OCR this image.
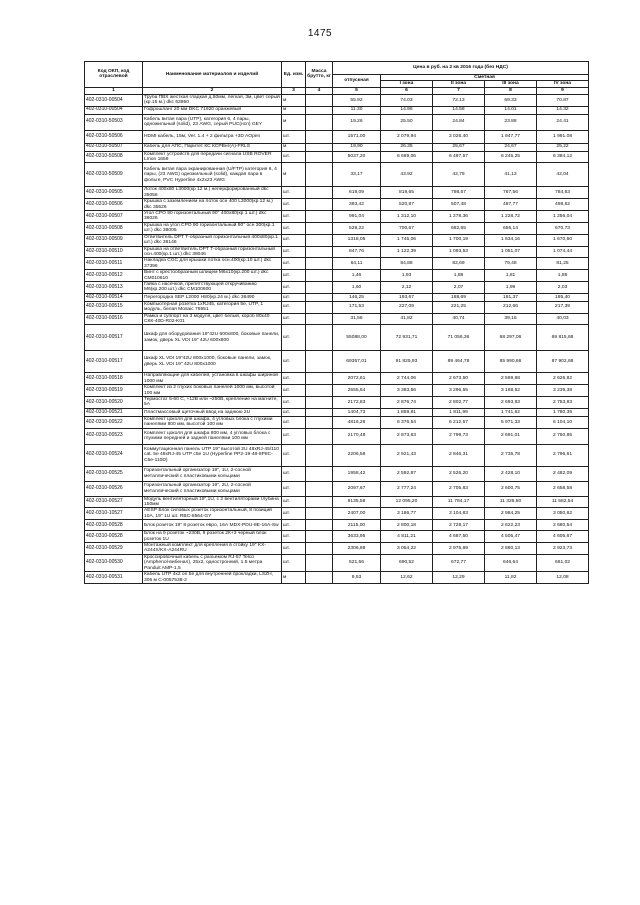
1475
Код ОКП, код отраслевой	Наименование материалов и изделий	Ед. изм.	Масса брутто, кг	Цена в руб. на 2 кв 2016 года (без НДС)				
				отпускная	Сметная			
					I зона	II зона	III зона	IV зона
1	2	3	4	5	6	7	8	9
402-0310-00504	Труба ПВХ жесткая гладкая д.50мм, легкая, 3м, цвет серый (кр.15 м.) dkc 63950	м		55.92	74.03	72.13	69.33	70.87
402-0310-00504	Гофрошланг 20 мм DKC 71920 оранжевый	м		11.30	14.96	14.58	14.01	14.32
402-0310-50503	Кабель витая пара (UTP), категория 6, 4 пары, одножильный (solid), 23 AWG, серый PUC(нсп) GEY	м		19.26	25.50	24.84	23.88	24.41
402-0310-50506	HDMI кабель, 15м, Ver. 1.4 + 2 фильтра +3D AOpen	шт.		1571.00	2 079,94	2 026.40	1 947,77	1 991.08
402-0310-50507	Кабель для АПС, Паритет КС КСРВнг(А)-FRLS	м		19,90	26.35	25,67	24,67	25,22
402-0310-50508	Комплект устройств для передачи сигнала USB ROVER Lmon 1659	шт.		5037,20	6 669,06	6 497,57	6 245,25	6 384,12
402-0310-50509	Кабель витая пара экранированная (U/FTP) категория 6, 4 пары, (23 AWG) одножильный (solid), каждая пара в фольге, PVC Hyperline 4x2x23 AWG	м		33,17	43.92	42,79	41,13	42,04
402-0310-00505	Лоток 400х80 L3000(кр 12 м.) неперфорированный dkc 35056	шт.		619,09	819,65	798,57	767,56	784,63
402-0310-00506	Крышка с заземлением на лоток осн 400 L3000(кр.12 м.) dkc 35526	шт.		393,42	520,87	507,48	487,77	498,62
402-0310-00507	Угол СРО 90 горизонтальный 90° 400х80(кр 1 шт.) dkc 36026	шт.		991,04	1 312,10	1 278,36	1 228,72	1 256,04
402-0310-00508	Крышка на угол СРО 90 горизонтальный 90° осн 300(кр.1 шт.) dkc 38005	шт.		529,22	700,67	682,65	656,14	670,73
402-0310-00509	Ответвитель DPT Т-образный горизонтальный 400х80(кр.1 шт.) dkc 36146	шт.		1318,05	1 745,06	1 700,19	1 634,16	1 670,50
402-0310-00510	Крышка на ответвитель DPT Т-образный горизонтальный осн.400(кр.1 шт.) dkc 38046	шт.		847,76	1 122,39	1 093,53	1 051,07	1 074,44
402-0310-00511	Накладка CGC для крышки лотка осн.400(кр.10 шт.) dkc 37396	шт.		64,11	84,88	82,69	79,48	81,25
402-0310-00512	Винт с крестообразным шлицем М6х10(кр.200 шт.) dkc CM010610	шт.		1,46	1,93	1,88	1,81	1,85
402-0310-00513	Гайка с насечкой, препятствующей откручиванию М6(кр.200 шт.) dkc CM100600	шт.		1,60	2,12	2,07	1,99	2,03
402-0310-00514	Перегородка SEP L2000 Н80(кр.24 м.) dkc 36490	шт.		146,25	193,67	188,69	181,37	185,40
402-0310-00515	Компьютерная розетка 1хRJ45, категория 5е, UTP, 1 модуль, белая Mosaic 76551	шт.		171,53	227,09	221,25	212,66	217,39
402-0310-00516	Рамка и суппорт на 3 модуля, цвет белый, короб 80х40 СКК-40D-R02-K01	шт.		31,56	41,82	40,74	39,16	40,03
402-0310-00517	Шкаф для оборудования 19"42U 600x800, боковые панели, замок, дверь XL VDI 19" 42U 600x800	шт.		55088,00	72 931,71	71 056,36	68 297,06	69 815,68
402-0310-00517	Шкаф XL VDI 19"42U 800x1000, боковые панели, замок, дверь XL VDI 19" 42U 800x1000	шт.		69357,01	91 825,93	89 464,78	85 990,66	87 902,68
402-0310-00518	Направляющие для кабелей, установка в шкафы шириной 1000 мм	шт.		2072,61	2 744,06	2 673,50	2 569,68	2 626,82
402-0310-00519	Комплект из 2 глухих боковых панелей 1000 мм, высотой 100 мм	шт.		2555,64	3 383,56	3 296,55	3 168,52	3 239,38
402-0310-00520	Термостат 5-60 С, +12В или ~250В, крепление на магните, 5А	шт.		2172,83	2 876,74	2 802,77	2 693,93	2 753,83
402-0310-00521	Пластмассовый щеточный ввод на заднюю 2U	шт.		1404,73	1 859,81	1 811,99	1 741,62	1 780,35
402-0310-00522	Комплект цоколя для шкафа, 4 угловых блока с глухими панелями 800 мм, высотой 100 мм	шт.		4816,26	6 376,54	6 212,57	5 971,33	6 104,10
402-0310-00523	Комплект цоколя для шкафа 800 мм, 4 угловых блока с глухими передней и задней панелями 100 мм	шт.		2170,48	2 873,63	2 799,73	2 691,01	2 750,85
402-0310-00524	Коммутационная панель UTP 19" высотой 2U 48xRJ-45/110 cat. 5e 48xRJ-45 UTP c5e 1U (Hyperline PP2-19-48-8P8C-C5e-110D)	шт.		2206,58	2 921,43	2 846,31	2 735,78	2 796,61
402-0310-00525	Горизонтальный организатор 19", 1U, 2-сосной металлический с пластиковыми кольцами	шт.		1958,42	2 592,87	2 526,20	2 428,10	2 482,09
402-0310-00526	Горизонтальный организатор 19", 2U, 2-сосной металлический с пластиковыми кольцами	шт.		2097,67	2 777,24	2 705,83	2 600,75	2 658,58
402-0310-00527	Модуль вентиляторный 19",1U, с 2 вентиляторами глубина 150мм	шт.		9135,58	12 095,20	11 784,17	11 326,50	11 582,54
402-0310-10527	AESP Блок силовых розеток горизонтальный, 8 позиций 10А, 19" 1U шт. RBC-8564-GY	шт.		2407,00	3 186,77	3 104,83	2 984,25	3 050,62
402-0310-00528	Блок розеток 19" 8 розеток евро, 16А MDX-PDU-8E-16А-Sw	шт.		2115,00	2 800,18	2 728,17	2 622,23	2 680,54
402-0310-00528	Блок на 9 розеток ~230В, 9 розеток 2К+3 черный блок розеток 1U	шт.		3633,95	4 811,21	4 687,50	4 505,47	4 605,67
402-0310-00529	Монтажный комплект для крепления в стойку 19" KX-A244X/KX-A244RU	шт.		2306,88	3 054,22	2 975,69	2 860,13	2 923,73
402-0310-00530	Кроссировочный кабель с разъемом RJ-57 Telco (Amphenol-вибенал), 25х2, одностронний, 1.5 метра Panduit AMP-1,5	шт.		521,56	690,52	672,77	646,64	661,02
402-0310-00531	Кабель UTP 4x2 on 5e для внутренней прокладки, LSZH, 305 м C-0057538-2	м		9,53	12,62	12,29	11,82	12,08
